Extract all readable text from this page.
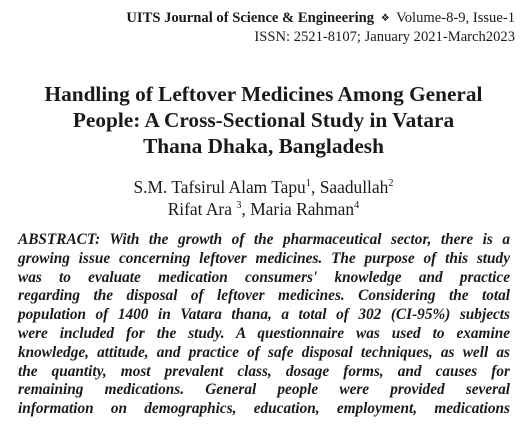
UITS Journal of Science & Engineering ❖ Volume-8-9, Issue-1
ISSN: 2521-8107; January 2021-March2023
Handling of Leftover Medicines Among General
People: A Cross-Sectional Study in Vatara
Thana Dhaka, Bangladesh
S.M. Tafsirul Alam Tapu$^1$, Saadullah$^2$
Rifat Ara $^3$, Maria Rahman$^4$
ABSTRACT: With the growth of the pharmaceutical sector, there is a
growing issue concerning leftover medicines. The purpose of this study
was to evaluate medication consumers' knowledge and practice
regarding the disposal of leftover medicines. Considering the total
population of 1400 in Vatara thana, a total of 302 (CI-95%) subjects
were included for the study. A questionnaire was used to examine
knowledge, attitude, and practice of safe disposal techniques, as well as
the quantity, most prevalent class, dosage forms, and causes for
remaining medications. General people were provided several
information on demographics, education, employment, medications
